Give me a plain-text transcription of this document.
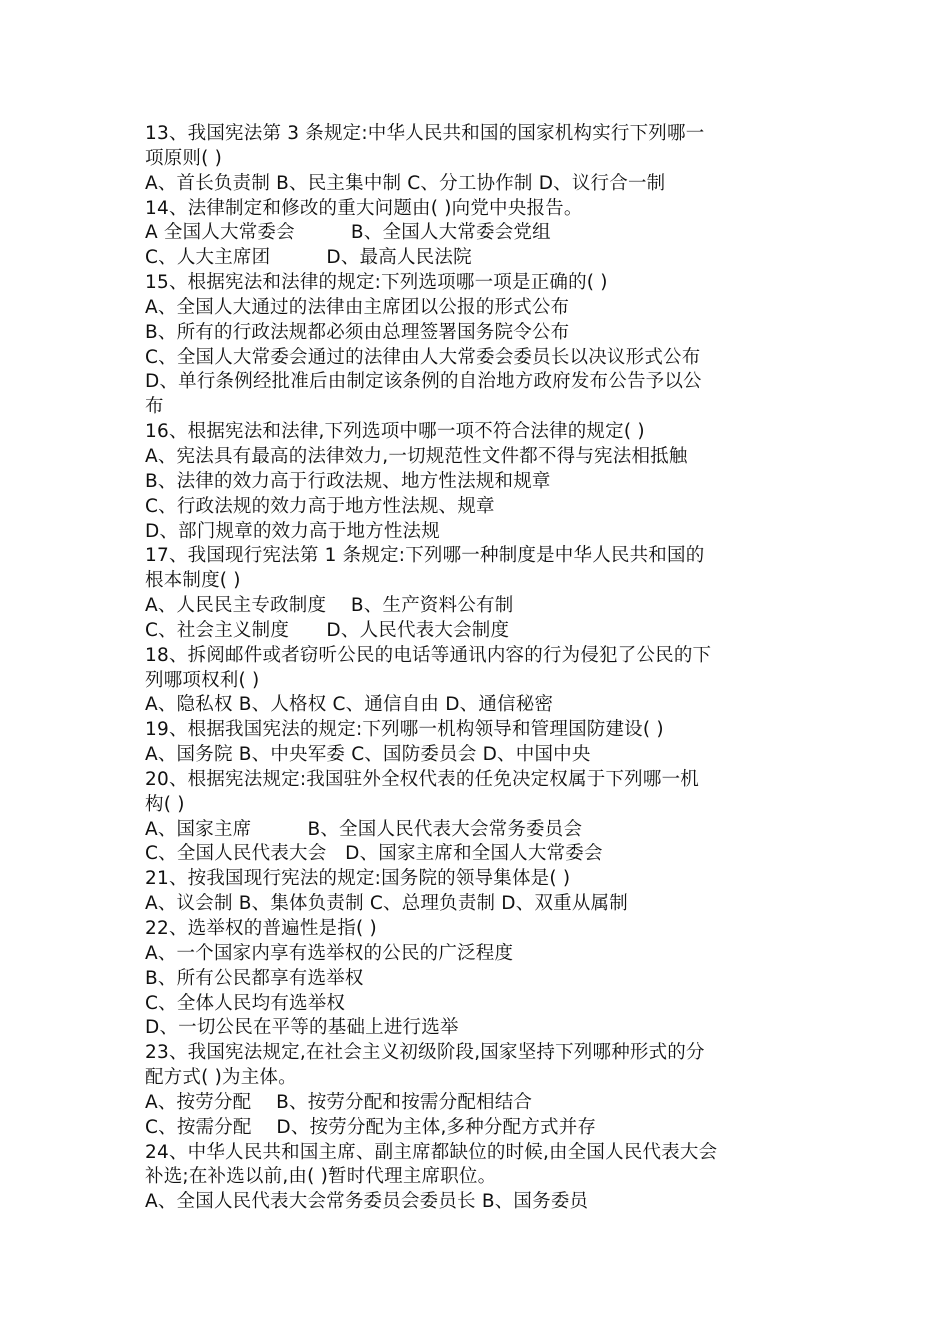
13、我国宪法第 3 条规定:中华人民共和国的国家机构实行下列哪一
项原则( )
A、首长负责制 B、民主集中制 C、分工协作制 D、议行合一制
14、法律制定和修改的重大问题由( )向党中央报告。
A 全国人大常委会　　　B、全国人大常委会党组
C、人大主席团　　　D、最高人民法院
15、根据宪法和法律的规定:下列选项哪一项是正确的( )
A、全国人大通过的法律由主席团以公报的形式公布
B、所有的行政法规都必须由总理签署国务院令公布
C、全国人大常委会通过的法律由人大常委会委员长以决议形式公布
D、单行条例经批准后由制定该条例的自治地方政府发布公告予以公
布
16、根据宪法和法律,下列选项中哪一项不符合法律的规定( )
A、宪法具有最高的法律效力,一切规范性文件都不得与宪法相抵触
B、法律的效力高于行政法规、地方性法规和规章
C、行政法规的效力高于地方性法规、规章
D、部门规章的效力高于地方性法规
17、我国现行宪法第 1 条规定:下列哪一种制度是中华人民共和国的
根本制度( )
A、人民民主专政制度　 B、生产资料公有制
C、社会主义制度　　D、人民代表大会制度
18、拆阅邮件或者窃听公民的电话等通讯内容的行为侵犯了公民的下
列哪项权利( )
A、隐私权 B、人格权 C、通信自由 D、通信秘密
19、根据我国宪法的规定:下列哪一机构领导和管理国防建设( )
A、国务院 B、中央军委 C、国防委员会 D、中国中央
20、根据宪法规定:我国驻外全权代表的任免决定权属于下列哪一机
构( )
A、国家主席　　　B、全国人民代表大会常务委员会
C、全国人民代表大会　D、国家主席和全国人大常委会
21、按我国现行宪法的规定:国务院的领导集体是( )
A、议会制 B、集体负责制 C、总理负责制 D、双重从属制
22、选举权的普遍性是指( )
A、一个国家内享有选举权的公民的广泛程度
B、所有公民都享有选举权
C、全体人民均有选举权
D、一切公民在平等的基础上进行选举
23、我国宪法规定,在社会主义初级阶段,国家坚持下列哪种形式的分
配方式( )为主体。
A、按劳分配　 B、按劳分配和按需分配相结合
C、按需分配　 D、按劳分配为主体,多种分配方式并存
24、中华人民共和国主席、副主席都缺位的时候,由全国人民代表大会
补选;在补选以前,由( )暂时代理主席职位。
A、全国人民代表大会常务委员会委员长 B、国务委员
